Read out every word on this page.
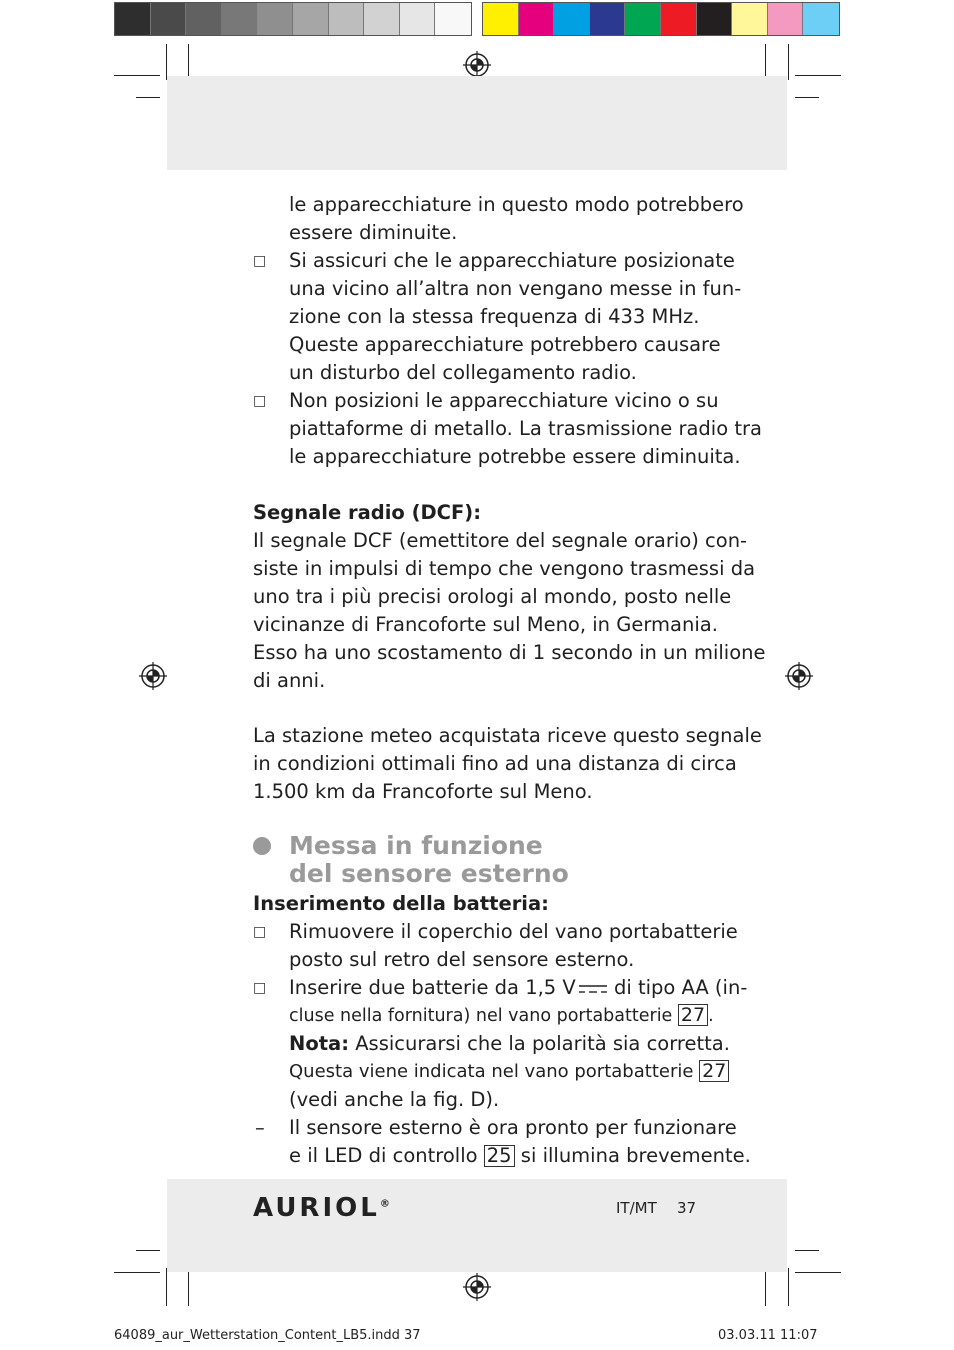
le apparecchiature in questo modo potrebbero
essere diminuite.
□ Si assicuri che le apparecchiature posizionate
una vicino all’altra non vengano messe in fun-
zione con la stessa frequenza di 433 MHz.
Queste apparecchiature potrebbero causare
un disturbo del collegamento radio.
□ Non posizioni le apparecchiature vicino o su
piattaforme di metallo. La trasmissione radio tra
le apparecchiature potrebbe essere diminuita.
Segnale radio (DCF):
Il segnale DCF (emettitore del segnale orario) con-
siste in impulsi di tempo che vengono trasmessi da
uno tra i più precisi orologi al mondo, posto nelle
vicinanze di Francoforte sul Meno, in Germania.
Esso ha uno scostamento di 1 secondo in un milione
di anni.
La stazione meteo acquistata riceve questo segnale
in condizioni ottimali fino ad una distanza di circa
1.500 km da Francoforte sul Meno.
Messa in funzione
del sensore esterno
Inserimento della batteria:
□ Rimuovere il coperchio del vano portabatterie
posto sul retro del sensore esterno.
□ Inserire due batterie da 1,5 V di tipo AA (in-
cluse nella fornitura) nel vano portabatterie 27 .
Nota: Assicurarsi che la polarità sia corretta.
Questa viene indicata nel vano portabatterie 27
(vedi anche la fig. D).
– Il sensore esterno è ora pronto per funzionare
e il LED di controllo 25 si illumina brevemente.
AURIOL®	IT/MT 37
64089_aur_Wetterstation_Content_LB5.indd 37	03.03.11 11:07
